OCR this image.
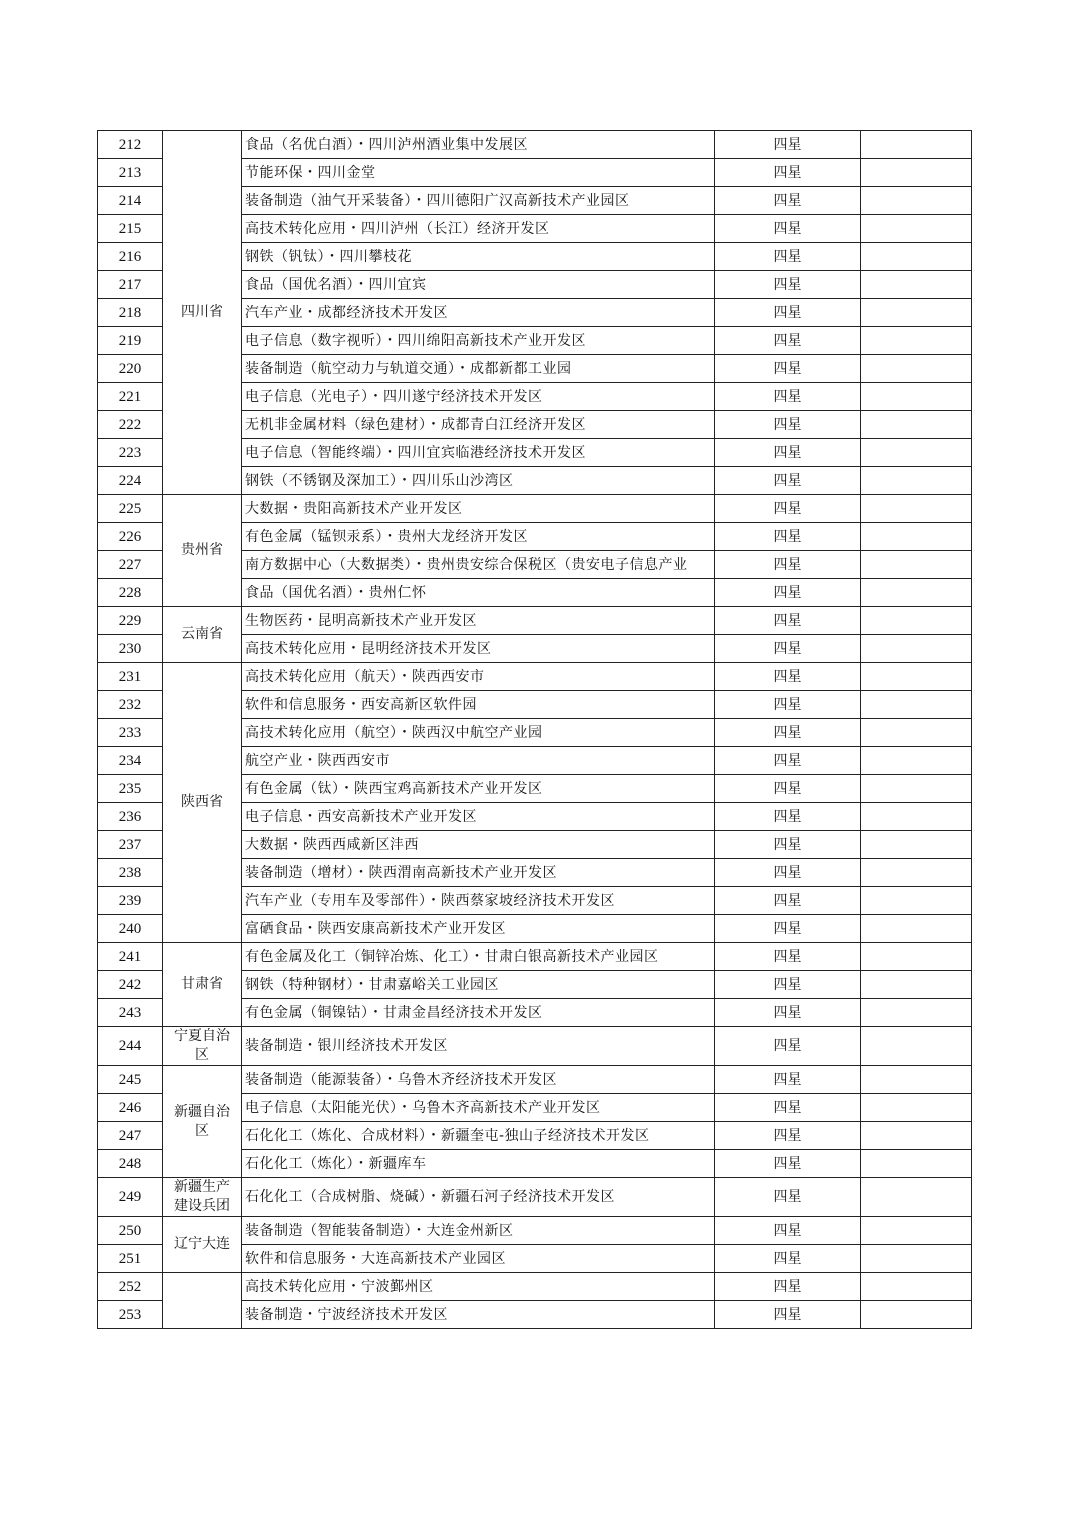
212	四川省	食品（名优白酒）・四川泸州酒业集中发展区	四星	
213		节能环保・四川金堂	四星	
214		装备制造（油气开采装备）・四川德阳广汉高新技术产业园区	四星	
215		高技术转化应用・四川泸州（长江）经济开发区	四星	
216		钢铁（钒钛）・四川攀枝花	四星	
217		食品（国优名酒）・四川宜宾	四星	
218		汽车产业・成都经济技术开发区	四星	
219		电子信息（数字视听）・四川绵阳高新技术产业开发区	四星	
220		装备制造（航空动力与轨道交通）・成都新都工业园	四星	
221		电子信息（光电子）・四川遂宁经济技术开发区	四星	
222		无机非金属材料（绿色建材）・成都青白江经济开发区	四星	
223		电子信息（智能终端）・四川宜宾临港经济技术开发区	四星	
224		钢铁（不锈钢及深加工）・四川乐山沙湾区	四星	
225	贵州省	大数据・贵阳高新技术产业开发区	四星	
226		有色金属（锰钡汞系）・贵州大龙经济开发区	四星	
227		南方数据中心（大数据类）・贵州贵安综合保税区（贵安电子信息产业	四星	
228		食品（国优名酒）・贵州仁怀	四星	
229	云南省	生物医药・昆明高新技术产业开发区	四星	
230		高技术转化应用・昆明经济技术开发区	四星	
231	陕西省	高技术转化应用（航天）・陕西西安市	四星	
232		软件和信息服务・西安高新区软件园	四星	
233		高技术转化应用（航空）・陕西汉中航空产业园	四星	
234		航空产业・陕西西安市	四星	
235		有色金属（钛）・陕西宝鸡高新技术产业开发区	四星	
236		电子信息・西安高新技术产业开发区	四星	
237		大数据・陕西西咸新区沣西	四星	
238		装备制造（增材）・陕西渭南高新技术产业开发区	四星	
239		汽车产业（专用车及零部件）・陕西蔡家坡经济技术开发区	四星	
240		富硒食品・陕西安康高新技术产业开发区	四星	
241	甘肃省	有色金属及化工（铜锌冶炼、化工）・甘肃白银高新技术产业园区	四星	
242		钢铁（特种钢材）・甘肃嘉峪关工业园区	四星	
243		有色金属（铜镍钴）・甘肃金昌经济技术开发区	四星	
244	宁夏自治区	装备制造・银川经济技术开发区	四星	
245	新疆自治区	装备制造（能源装备）・乌鲁木齐经济技术开发区	四星	
246		电子信息（太阳能光伏）・乌鲁木齐高新技术产业开发区	四星	
247		石化化工（炼化、合成材料）・新疆奎屯-独山子经济技术开发区	四星	
248		石化化工（炼化）・新疆库车	四星	
249	新疆生产建设兵团	石化化工（合成树脂、烧碱）・新疆石河子经济技术开发区	四星	
250	辽宁大连	装备制造（智能装备制造）・大连金州新区	四星	
251		软件和信息服务・大连高新技术产业园区	四星	
252		高技术转化应用・宁波鄞州区	四星	
253		装备制造・宁波经济技术开发区	四星	
